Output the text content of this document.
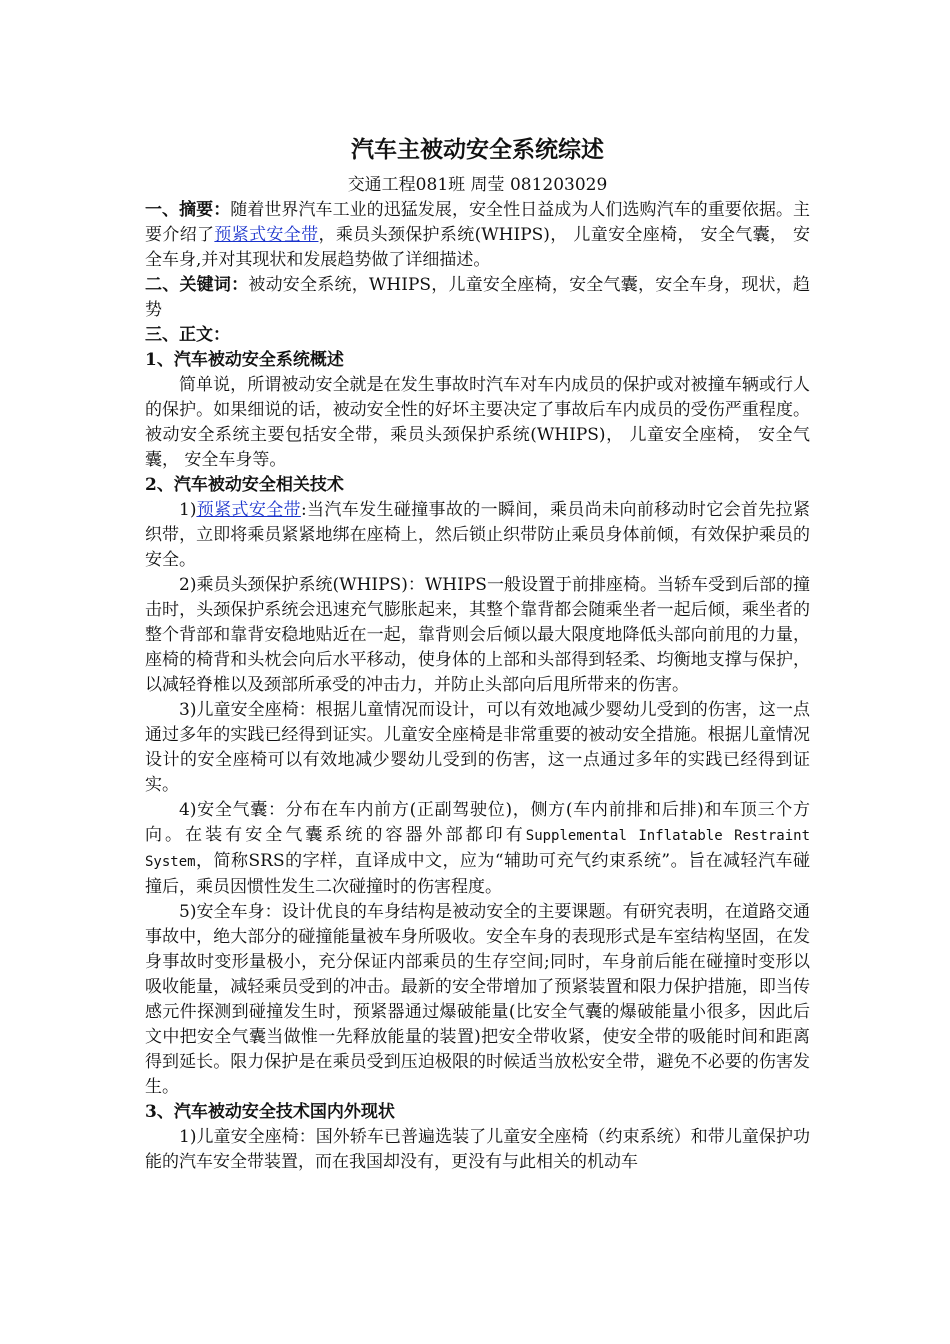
汽车主被动安全系统综述
交通工程081班 周莹 081203029

一、摘要：随着世界汽车工业的迅猛发展，安全性日益成为人们选购汽车的重要依据。主要介绍了预紧式安全带，乘员头颈保护系统(WHIPS)， 儿童安全座椅， 安全气囊， 安全车身,并对其现状和发展趋势做了详细描述。

二、关键词：被动安全系统，WHIPS，儿童安全座椅，安全气囊，安全车身，现状，趋势

三、正文：

1、汽车被动安全系统概述

简单说，所谓被动安全就是在发生事故时汽车对车内成员的保护或对被撞车辆或行人的保护。如果细说的话，被动安全性的好坏主要决定了事故后车内成员的受伤严重程度。被动安全系统主要包括安全带，乘员头颈保护系统(WHIPS)， 儿童安全座椅， 安全气囊， 安全车身等。

2、汽车被动安全相关技术

1)预紧式安全带:当汽车发生碰撞事故的一瞬间，乘员尚未向前移动时它会首先拉紧织带，立即将乘员紧紧地绑在座椅上，然后锁止织带防止乘员身体前倾，有效保护乘员的安全。

2)乘员头颈保护系统(WHIPS)：WHIPS一般设置于前排座椅。当轿车受到后部的撞击时，头颈保护系统会迅速充气膨胀起来，其整个靠背都会随乘坐者一起后倾，乘坐者的整个背部和靠背安稳地贴近在一起，靠背则会后倾以最大限度地降低头部向前甩的力量，座椅的椅背和头枕会向后水平移动，使身体的上部和头部得到轻柔、均衡地支撑与保护，以减轻脊椎以及颈部所承受的冲击力，并防止头部向后甩所带来的伤害。

3)儿童安全座椅：根据儿童情况而设计，可以有效地减少婴幼儿受到的伤害，这一点通过多年的实践已经得到证实。儿童安全座椅是非常重要的被动安全措施。根据儿童情况设计的安全座椅可以有效地减少婴幼儿受到的伤害，这一点通过多年的实践已经得到证实。

4)安全气囊：分布在车内前方(正副驾驶位)，侧方(车内前排和后排)和车顶三个方向。在装有安全气囊系统的容器外部都印有Supplemental Inflatable Restraint System，简称SRS的字样，直译成中文，应为“辅助可充气约束系统”。旨在减轻汽车碰撞后，乘员因惯性发生二次碰撞时的伤害程度。

5)安全车身：设计优良的车身结构是被动安全的主要课题。有研究表明，在道路交通事故中，绝大部分的碰撞能量被车身所吸收。安全车身的表现形式是车室结构坚固，在发身事故时变形量极小，充分保证内部乘员的生存空间;同时，车身前后能在碰撞时变形以吸收能量，减轻乘员受到的冲击。最新的安全带增加了预紧装置和限力保护措施，即当传感元件探测到碰撞发生时，预紧器通过爆破能量(比安全气囊的爆破能量小很多，因此后文中把安全气囊当做惟一先释放能量的装置)把安全带收紧，使安全带的吸能时间和距离得到延长。限力保护是在乘员受到压迫极限的时候适当放松安全带，避免不必要的伤害发生。

3、汽车被动安全技术国内外现状

1)儿童安全座椅：国外轿车已普遍选装了儿童安全座椅（约束系统）和带儿童保护功能的汽车安全带装置，而在我国却没有，更没有与此相关的机动车
